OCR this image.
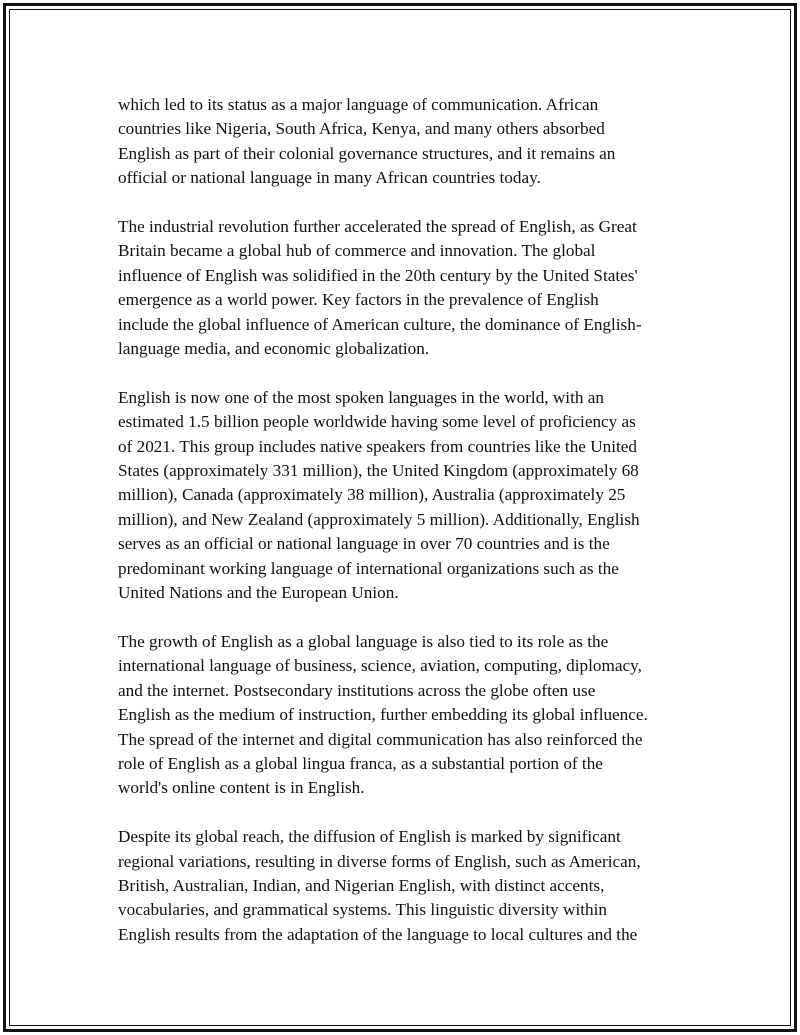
which led to its status as a major language of communication. African
countries like Nigeria, South Africa, Kenya, and many others absorbed
English as part of their colonial governance structures, and it remains an
official or national language in many African countries today.

The industrial revolution further accelerated the spread of English, as Great
Britain became a global hub of commerce and innovation. The global
influence of English was solidified in the 20th century by the United States'
emergence as a world power. Key factors in the prevalence of English
include the global influence of American culture, the dominance of English-
language media, and economic globalization.

English is now one of the most spoken languages in the world, with an
estimated 1.5 billion people worldwide having some level of proficiency as
of 2021. This group includes native speakers from countries like the United
States (approximately 331 million), the United Kingdom (approximately 68
million), Canada (approximately 38 million), Australia (approximately 25
million), and New Zealand (approximately 5 million). Additionally, English
serves as an official or national language in over 70 countries and is the
predominant working language of international organizations such as the
United Nations and the European Union.

The growth of English as a global language is also tied to its role as the
international language of business, science, aviation, computing, diplomacy,
and the internet. Postsecondary institutions across the globe often use
English as the medium of instruction, further embedding its global influence.
The spread of the internet and digital communication has also reinforced the
role of English as a global lingua franca, as a substantial portion of the
world's online content is in English.

Despite its global reach, the diffusion of English is marked by significant
regional variations, resulting in diverse forms of English, such as American,
British, Australian, Indian, and Nigerian English, with distinct accents,
vocabularies, and grammatical systems. This linguistic diversity within
English results from the adaptation of the language to local cultures and the
